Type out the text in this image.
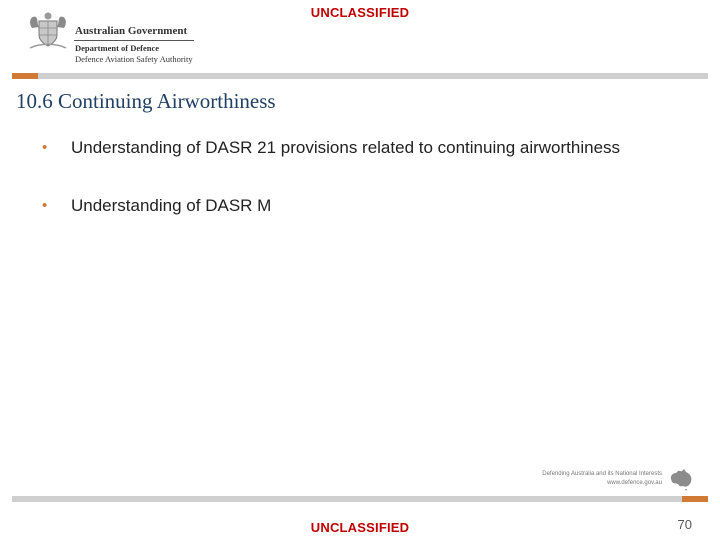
UNCLASSIFIED
Australian Government
Department of Defence
Defence Aviation Safety Authority
10.6 Continuing Airworthiness
• Understanding of DASR 21 provisions related to continuing airworthiness
• Understanding of DASR M
Defending Australia and its National Interests
www.defence.gov.au
UNCLASSIFIED	70
